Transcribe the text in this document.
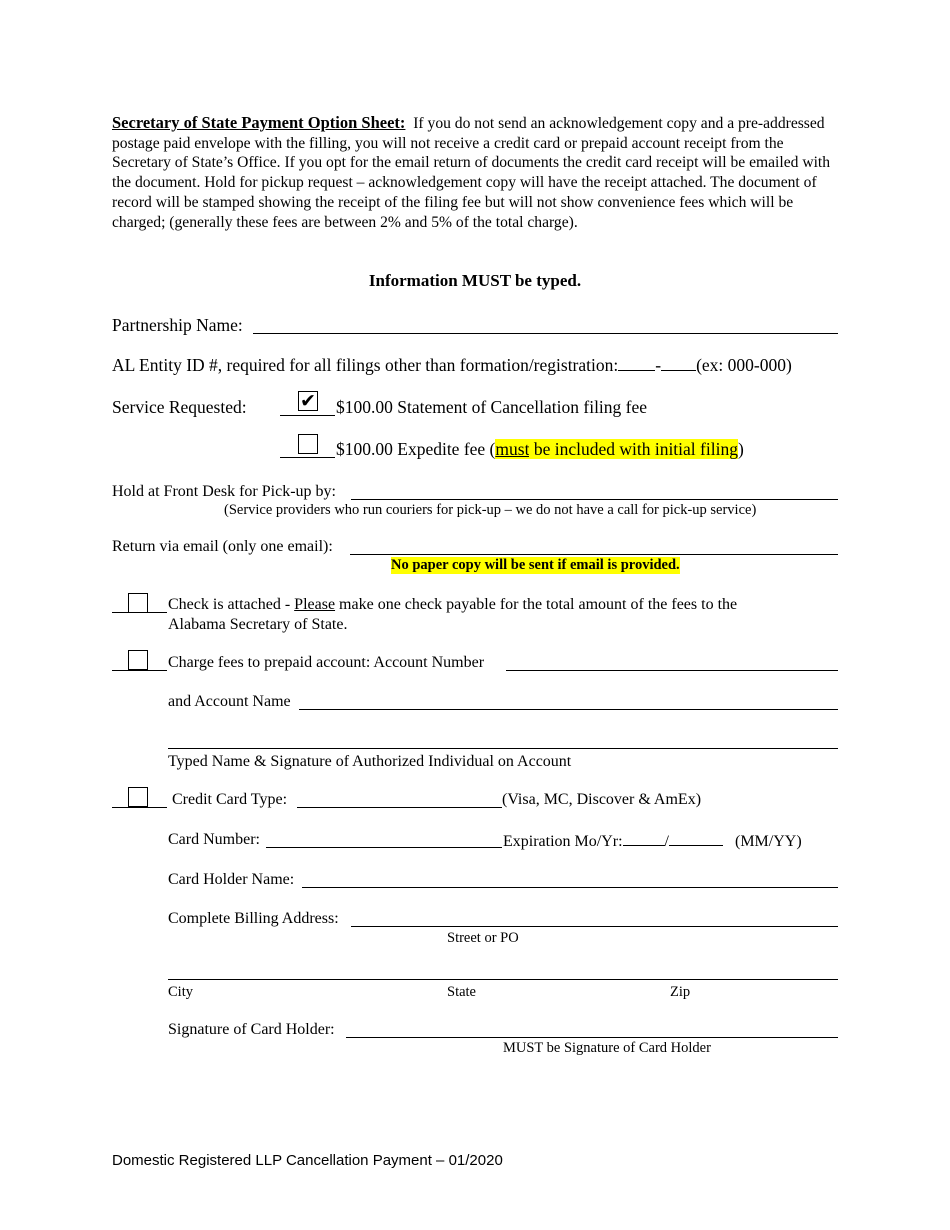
Secretary of State Payment Option Sheet: If you do not send an acknowledgement copy and a pre-addressed postage paid envelope with the filling, you will not receive a credit card or prepaid account receipt from the Secretary of State’s Office. If you opt for the email return of documents the credit card receipt will be emailed with the document. Hold for pickup request – acknowledgement copy will have the receipt attached. The document of record will be stamped showing the receipt of the filing fee but will not show convenience fees which will be charged; (generally these fees are between 2% and 5% of the total charge).
Information MUST be typed.
Partnership Name:
AL Entity ID #, required for all filings other than formation/registration: - (ex: 000-000)
Service Requested:	✔ $100.00 Statement of Cancellation filing fee
$100.00 Expedite fee (must be included with initial filing)
Hold at Front Desk for Pick-up by:
(Service providers who run couriers for pick-up – we do not have a call for pick-up service)
Return via email (only one email):
No paper copy will be sent if email is provided.
Check is attached - Please make one check payable for the total amount of the fees to the
Alabama Secretary of State.
Charge fees to prepaid account: Account Number
and Account Name
Typed Name & Signature of Authorized Individual on Account
Credit Card Type:	(Visa, MC, Discover & AmEx)
Card Number:	Expiration Mo/Yr:	/	(MM/YY)
Card Holder Name:
Complete Billing Address:
Street or PO
City	State	Zip
Signature of Card Holder:
MUST be Signature of Card Holder
Domestic Registered LLP Cancellation Payment – 01/2020
